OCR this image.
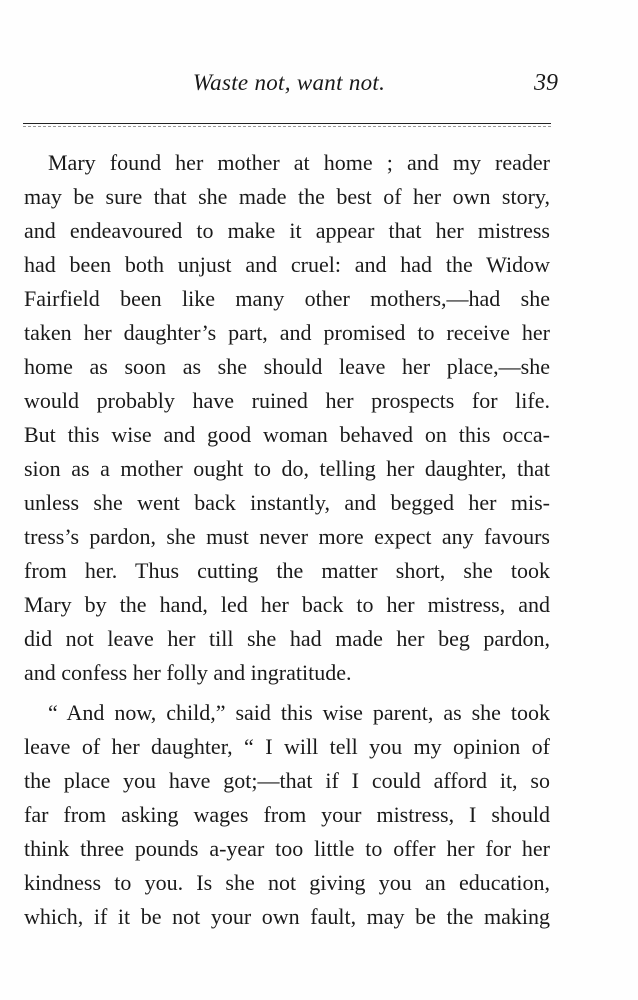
Waste not, want not.	39
Mary found her mother at home ; and my reader
may be sure that she made the best of her own story,
and endeavoured to make it appear that her mistress
had been both unjust and cruel: and had the Widow
Fairfield been like many other mothers,—had she
taken her daughter’s part, and promised to receive her
home as soon as she should leave her place,—she
would probably have ruined her prospects for life.
But this wise and good woman behaved on this occa-
sion as a mother ought to do, telling her daughter, that
unless she went back instantly, and begged her mis-
tress’s pardon, she must never more expect any favours
from her. Thus cutting the matter short, she took
Mary by the hand, led her back to her mistress, and
did not leave her till she had made her beg pardon,
and confess her folly and ingratitude.
“ And now, child,” said this wise parent, as she took
leave of her daughter, “ I will tell you my opinion of
the place you have got;—that if I could afford it, so
far from asking wages from your mistress, I should
think three pounds a-year too little to offer her for her
kindness to you. Is she not giving you an education,
which, if it be not your own fault, may be the making
